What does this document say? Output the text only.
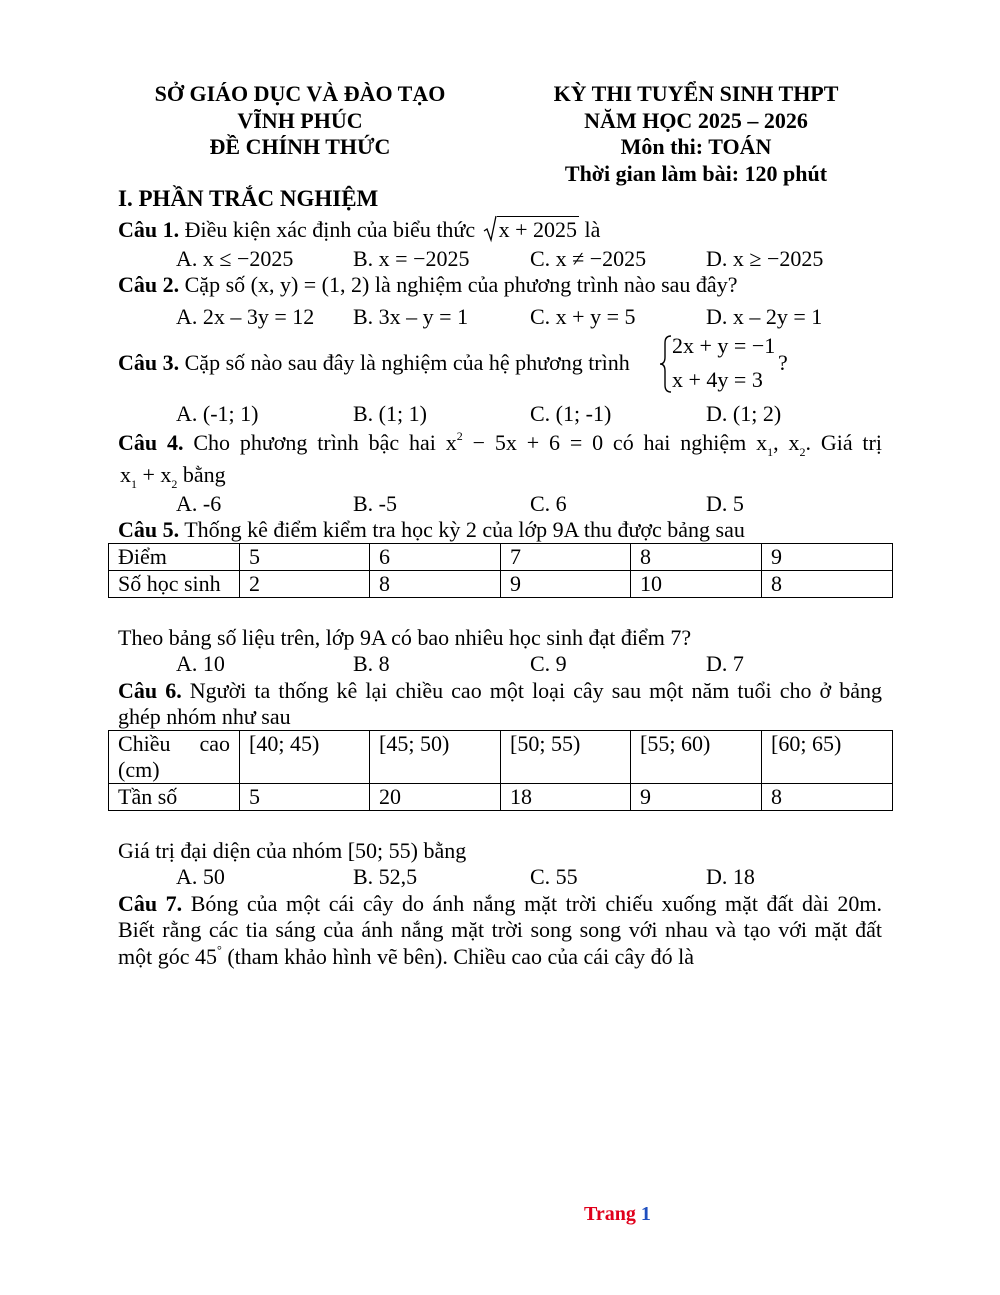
SỞ GIÁO DỤC VÀ ĐÀO TẠO
VĨNH PHÚC
ĐỀ CHÍNH THỨC
KỲ THI TUYỂN SINH THPT
NĂM HỌC 2025 – 2026
Môn thi: TOÁN
Thời gian làm bài: 120 phút
I. PHẦN TRẮC NGHIỆM
Câu 1. Điều kiện xác định của biểu thức
x + 2025 là
A. x ≤ −2025	B. x = −2025	C. x ≠ −2025	D. x ≥ −2025
Câu 2. Cặp số (x, y) = (1, 2) là nghiệm của phương trình nào sau đây?
A. 2x – 3y = 12 B. 3x – y = 1	C. x + y = 5	D. x – 2y = 1
Câu 3. Cặp số nào sau đây là nghiệm của hệ phương trình
2x + y = −1
x + 4y = 3
?
A. (-1; 1)	B. (1; 1)	C. (1; -1)	D. (1; 2)
Câu 4. Cho phương trình bậc hai $x^2 - 5x + 6 = 0$ có hai nghiệm $x_1$, $x_2$. Giá trị
$x_1 + x_2$ bằng
A. -6	B. -5	C. 6	D. 5
Câu 5. Thống kê điểm kiểm tra học kỳ 2 của lớp 9A thu được bảng sau
Điểm	5	6	7	8	9
Số học sinh	2	8	9	10	8
Theo bảng số liệu trên, lớp 9A có bao nhiêu học sinh đạt điểm 7?
A. 10	B. 8	C. 9	D. 7
Câu 6. Người ta thống kê lại chiều cao một loại cây sau một năm tuổi cho ở bảng
ghép nhóm như sau
Chiều cao (cm)	[40; 45)	[45; 50)	[50; 55)	[55; 60)	[60; 65)
Tần số	5	20	18	9	8
Giá trị đại diện của nhóm [50; 55) bằng
A. 50	B. 52,5	C. 55	D. 18
Câu 7. Bóng của một cái cây do ánh nắng mặt trời chiếu xuống mặt đất dài 20m.
Biết rằng các tia sáng của ánh nắng mặt trời song song với nhau và tạo với mặt đất
một góc 45° (tham khảo hình vẽ bên). Chiều cao của cái cây đó là
Trang 1
